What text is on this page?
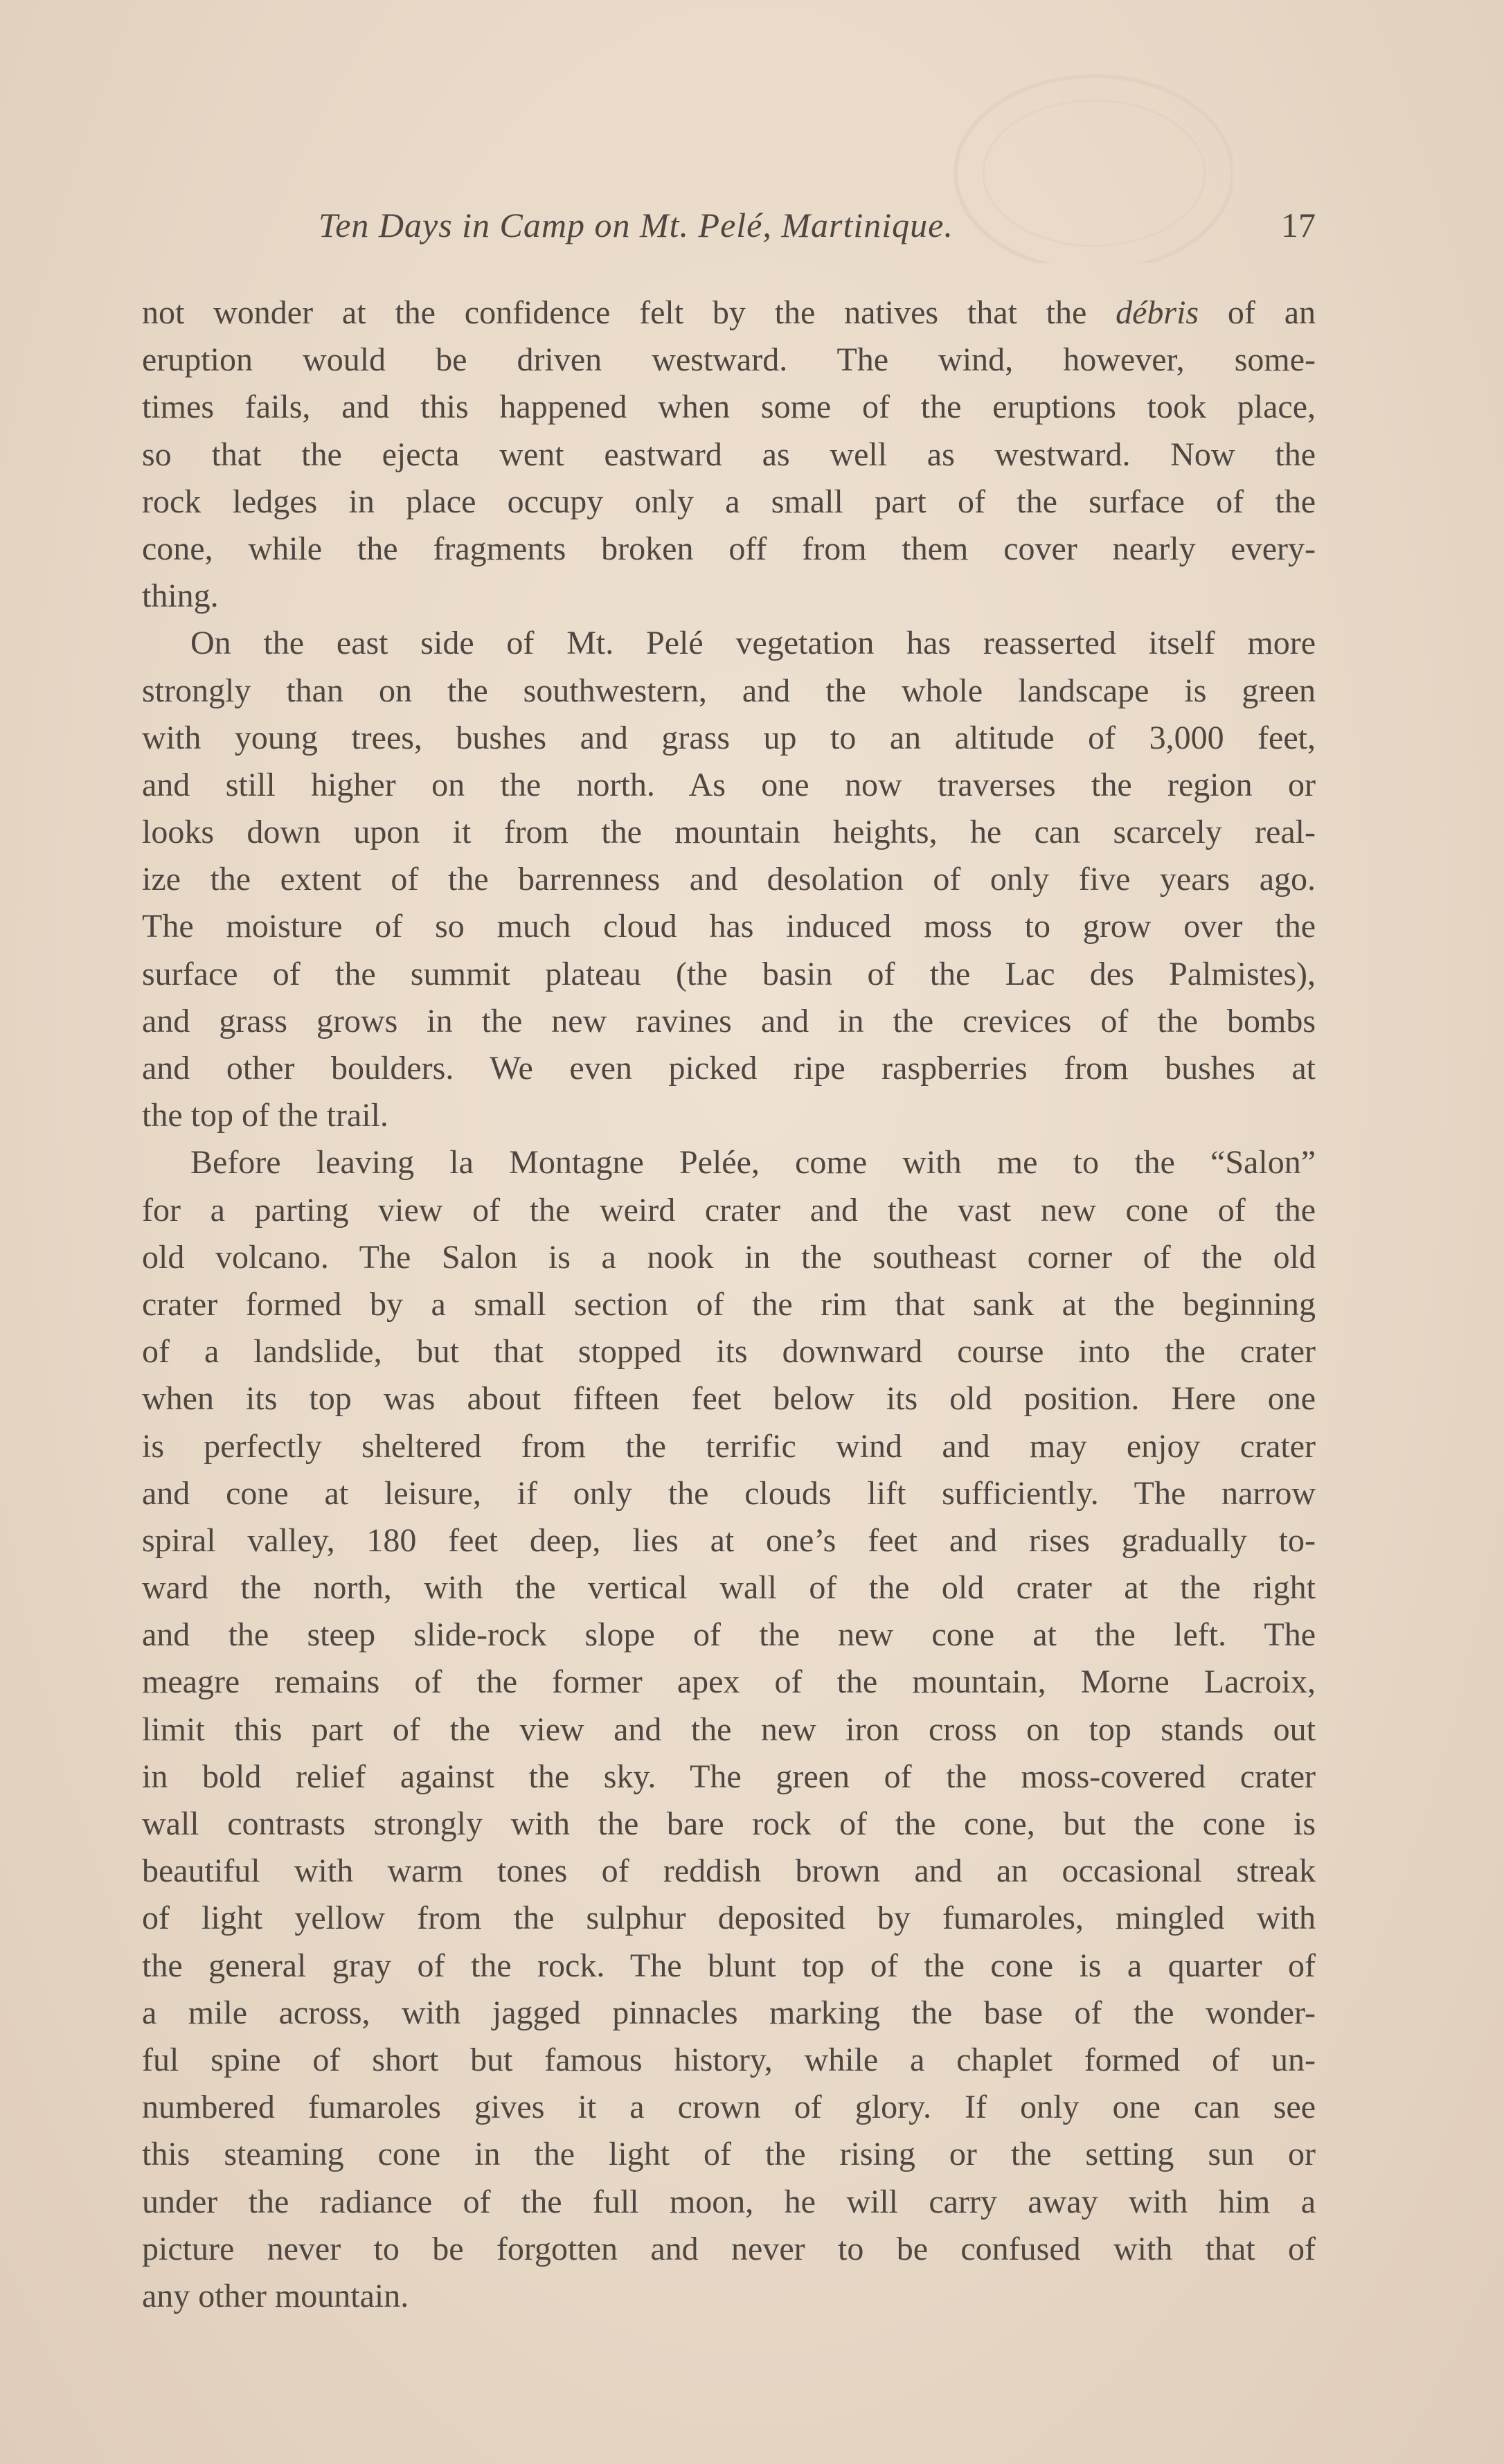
Ten Days in Camp on Mt. Pelé, Martinique.	17
not wonder at the confidence felt by the natives that the débris of an
eruption would be driven westward. The wind, however, some-
times fails, and this happened when some of the eruptions took place,
so that the ejecta went eastward as well as westward. Now the
rock ledges in place occupy only a small part of the surface of the
cone, while the fragments broken off from them cover nearly every-
thing.
On the east side of Mt. Pelé vegetation has reasserted itself more
strongly than on the southwestern, and the whole landscape is green
with young trees, bushes and grass up to an altitude of 3,000 feet,
and still higher on the north. As one now traverses the region or
looks down upon it from the mountain heights, he can scarcely real-
ize the extent of the barrenness and desolation of only five years ago.
The moisture of so much cloud has induced moss to grow over the
surface of the summit plateau (the basin of the Lac des Palmistes),
and grass grows in the new ravines and in the crevices of the bombs
and other boulders. We even picked ripe raspberries from bushes at
the top of the trail.
Before leaving la Montagne Pelée, come with me to the “Salon”
for a parting view of the weird crater and the vast new cone of the
old volcano. The Salon is a nook in the southeast corner of the old
crater formed by a small section of the rim that sank at the beginning
of a landslide, but that stopped its downward course into the crater
when its top was about fifteen feet below its old position. Here one
is perfectly sheltered from the terrific wind and may enjoy crater
and cone at leisure, if only the clouds lift sufficiently. The narrow
spiral valley, 180 feet deep, lies at one’s feet and rises gradually to-
ward the north, with the vertical wall of the old crater at the right
and the steep slide-rock slope of the new cone at the left. The
meagre remains of the former apex of the mountain, Morne Lacroix,
limit this part of the view and the new iron cross on top stands out
in bold relief against the sky. The green of the moss-covered crater
wall contrasts strongly with the bare rock of the cone, but the cone is
beautiful with warm tones of reddish brown and an occasional streak
of light yellow from the sulphur deposited by fumaroles, mingled with
the general gray of the rock. The blunt top of the cone is a quarter of
a mile across, with jagged pinnacles marking the base of the wonder-
ful spine of short but famous history, while a chaplet formed of un-
numbered fumaroles gives it a crown of glory. If only one can see
this steaming cone in the light of the rising or the setting sun or
under the radiance of the full moon, he will carry away with him a
picture never to be forgotten and never to be confused with that of
any other mountain.
